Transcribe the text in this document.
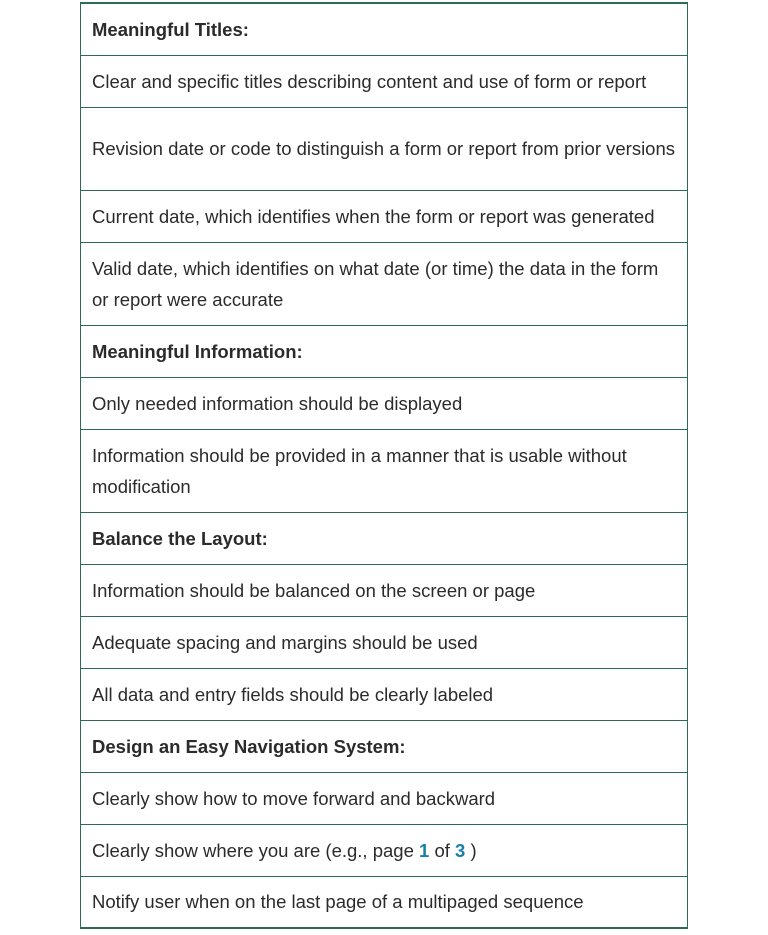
Meaningful Titles:
Clear and specific titles describing content and use of form or report
Revision date or code to distinguish a form or report from prior versions
Current date, which identifies when the form or report was generated
Valid date, which identifies on what date (or time) the data in the form or report were accurate
Meaningful Information:
Only needed information should be displayed
Information should be provided in a manner that is usable without modification
Balance the Layout:
Information should be balanced on the screen or page
Adequate spacing and margins should be used
All data and entry fields should be clearly labeled
Design an Easy Navigation System:
Clearly show how to move forward and backward
Clearly show where you are (e.g., page 1 of 3 )
Notify user when on the last page of a multipaged sequence
